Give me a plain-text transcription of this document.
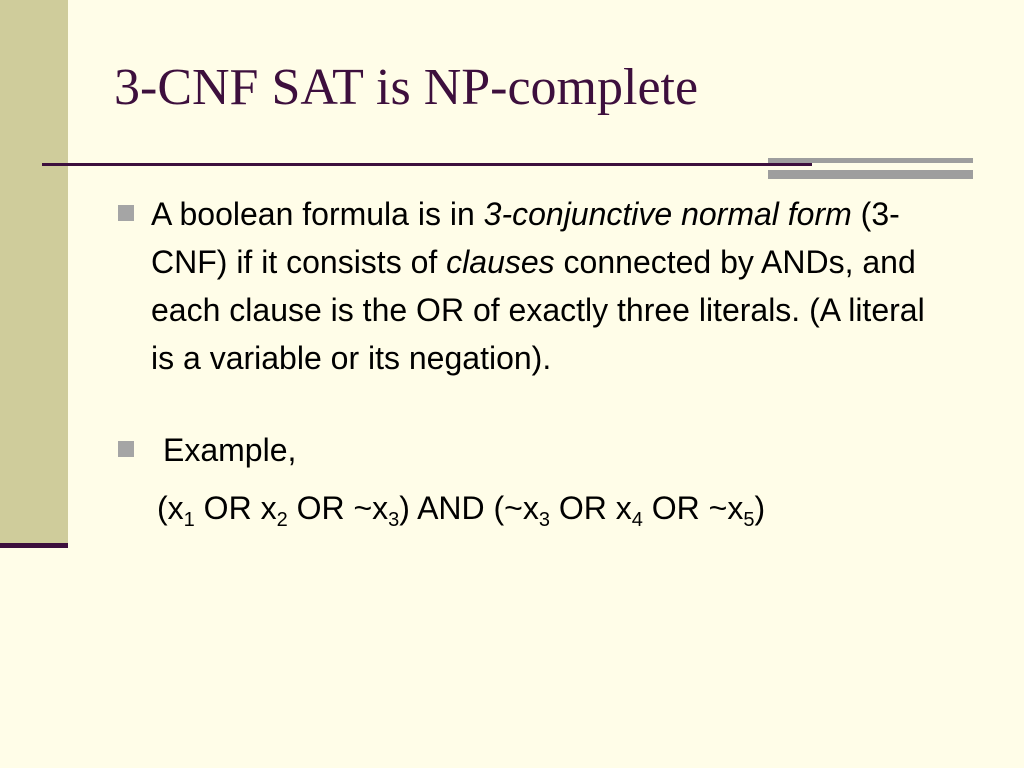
3-CNF SAT is NP-complete
A boolean formula is in 3-conjunctive normal form (3-CNF) if it consists of clauses connected by ANDs, and each clause is the OR of exactly three literals. (A literal is a variable or its negation).
Example,
($x_1$ OR $x_2$ OR $\sim x_3$) AND ($\sim x_3$ OR $x_4$ OR $\sim x_5$)
